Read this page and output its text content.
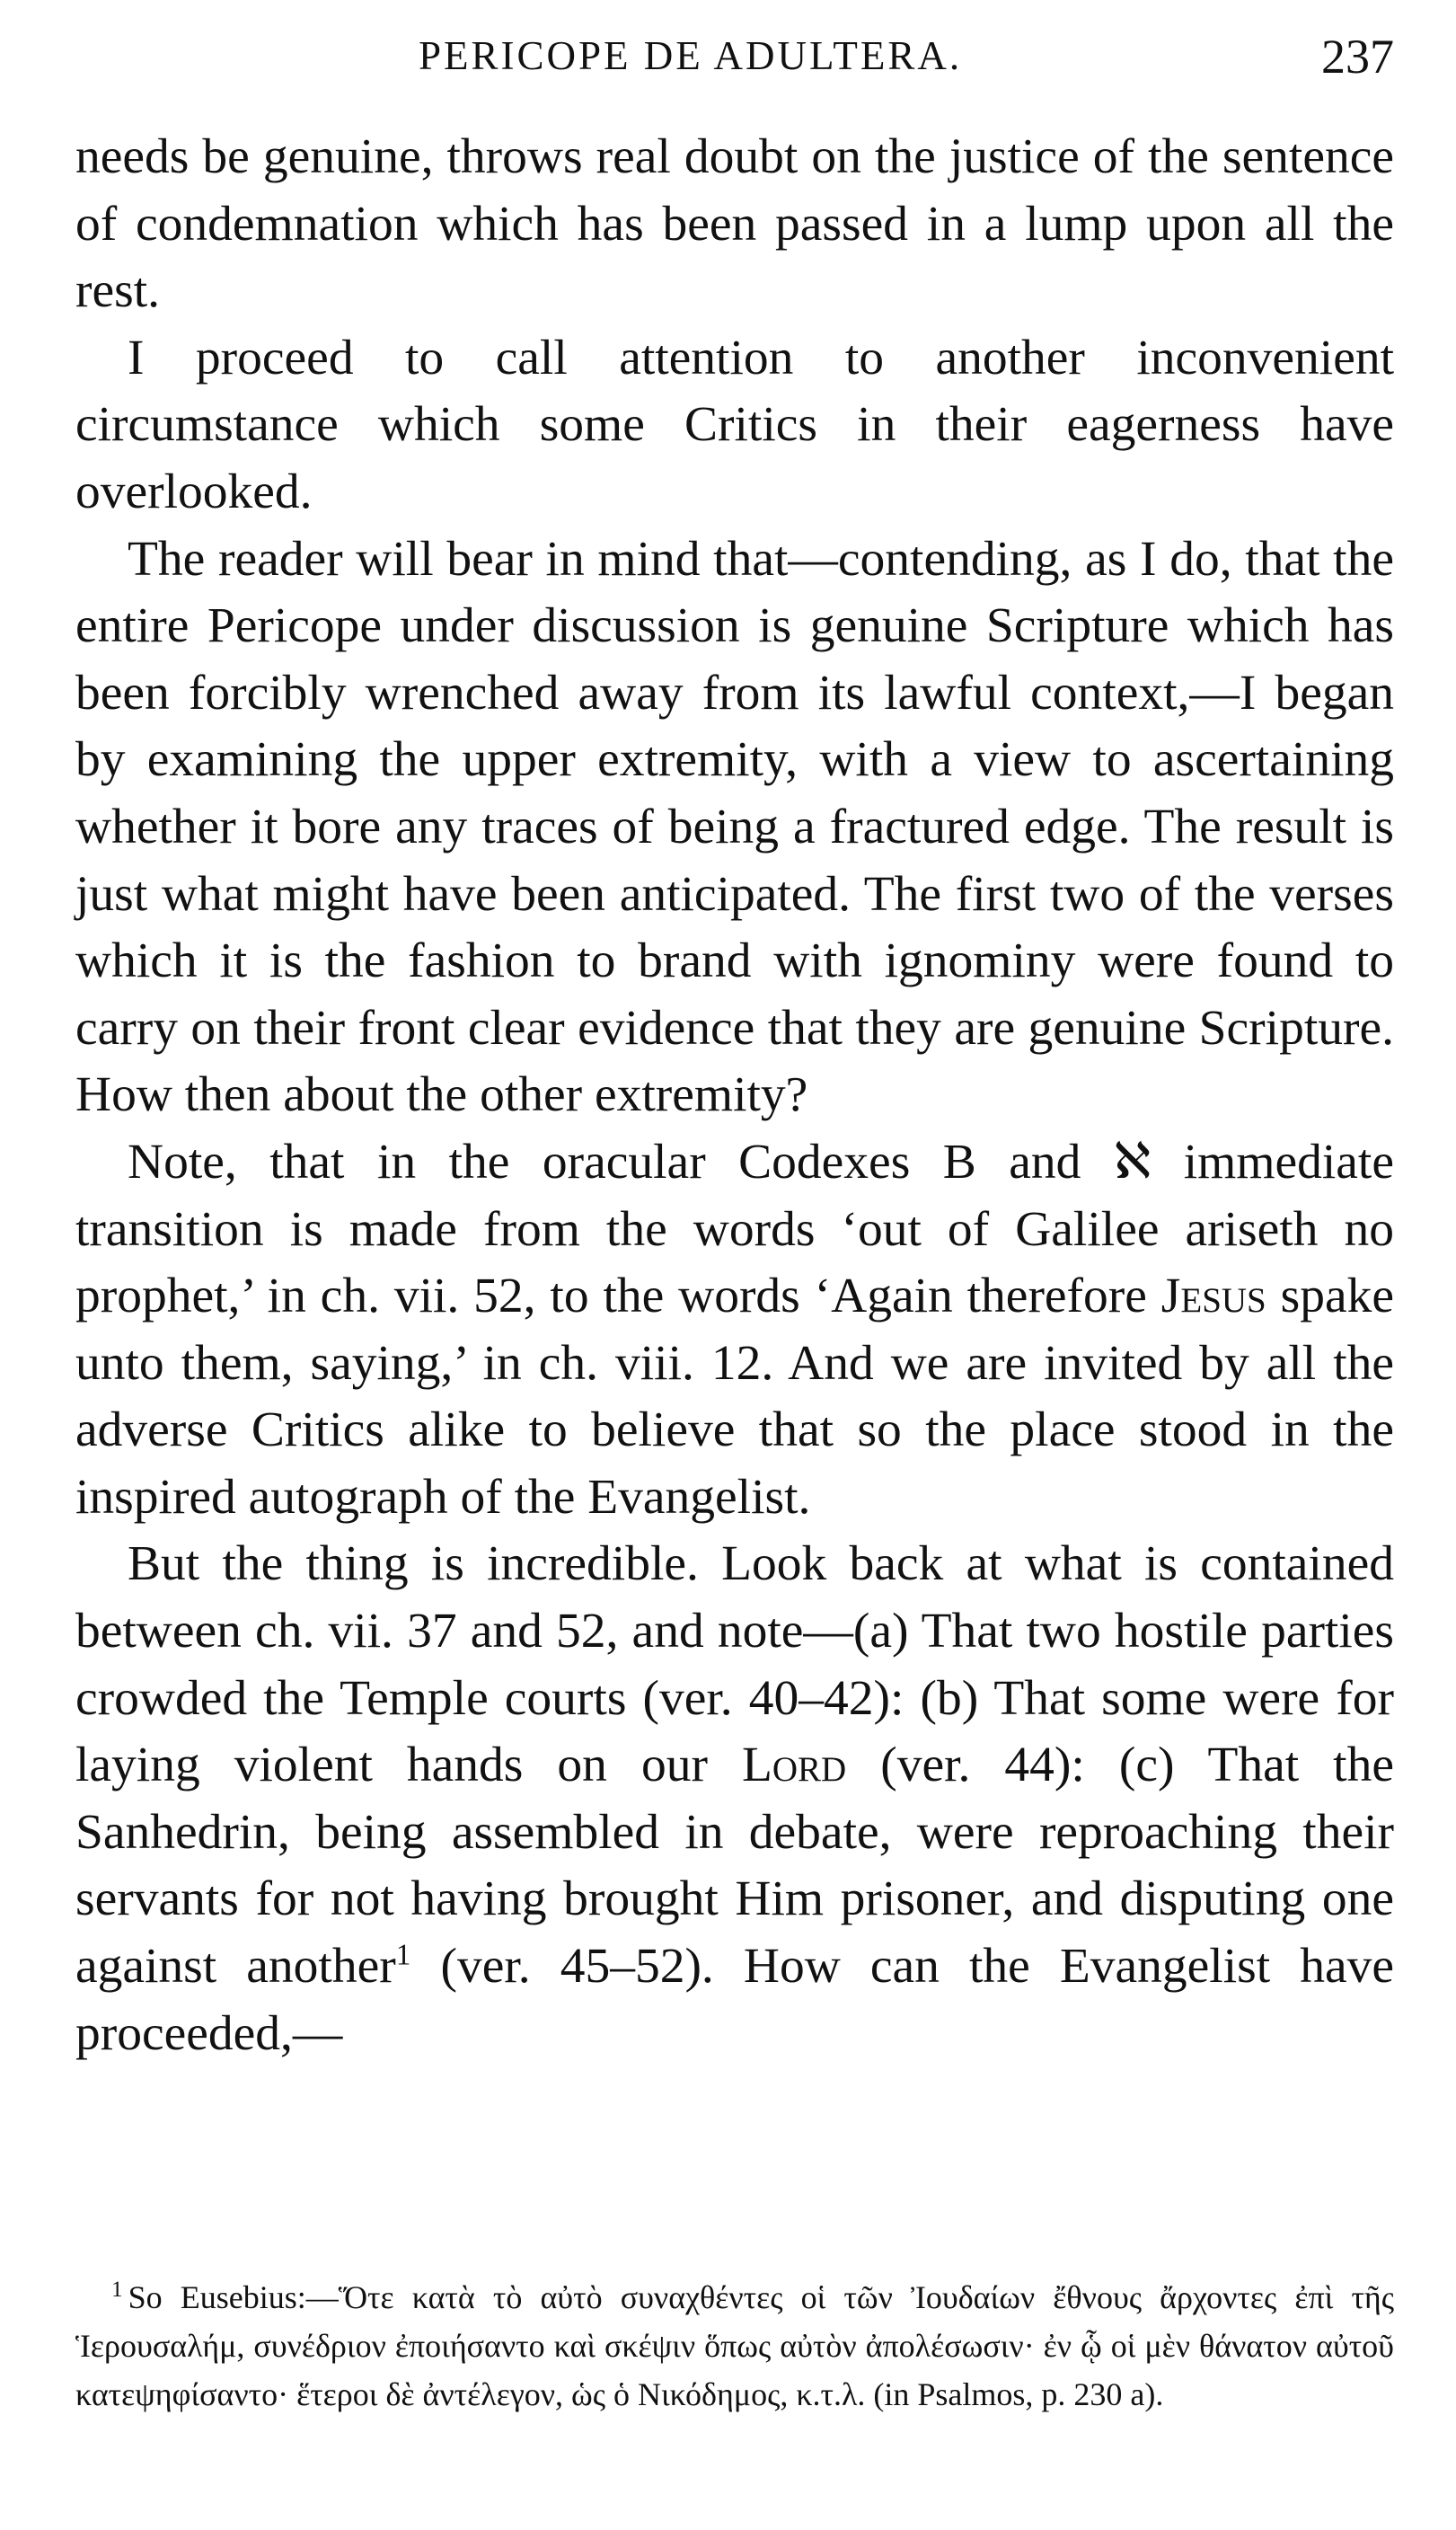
PERICOPE DE ADULTERA.	237

needs be genuine, throws real doubt on the justice of the sentence of condemnation which has been passed in a lump upon all the rest.

I proceed to call attention to another inconvenient circumstance which some Critics in their eagerness have overlooked.

The reader will bear in mind that—contending, as I do, that the entire Pericope under discussion is genuine Scripture which has been forcibly wrenched away from its lawful context,—I began by examining the upper extremity, with a view to ascertaining whether it bore any traces of being a fractured edge. The result is just what might have been anticipated. The first two of the verses which it is the fashion to brand with ignominy were found to carry on their front clear evidence that they are genuine Scripture. How then about the other extremity?

Note, that in the oracular Codexes B and ℵ immediate transition is made from the words ‘out of Galilee ariseth no prophet,’ in ch. vii. 52, to the words ‘Again therefore Jesus spake unto them, saying,’ in ch. viii. 12. And we are invited by all the adverse Critics alike to believe that so the place stood in the inspired autograph of the Evangelist.

But the thing is incredible. Look back at what is contained between ch. vii. 37 and 52, and note—(a) That two hostile parties crowded the Temple courts (ver. 40–42): (b) That some were for laying violent hands on our Lord (ver. 44): (c) That the Sanhedrin, being assembled in debate, were reproaching their servants for not having brought Him prisoner, and disputing one against another$^1$ (ver. 45–52). How can the Evangelist have proceeded,—

$^1$ So Eusebius:—Ὅτε κατὰ τὸ αὐτὸ συναχθέντες οἱ τῶν Ἰουδαίων ἔθνους ἄρχοντες ἐπὶ τῆς Ἱερουσαλήμ, συνέδριον ἐποιήσαντο καὶ σκέψιν ὅπως αὐτὸν ἀπολέσωσιν· ἐν ᾧ οἱ μὲν θάνατον αὐτοῦ κατεψηφίσαντο· ἕτεροι δὲ ἀντέλεγον, ὡς ὁ Νικόδημος, κ.τ.λ. (in Psalmos, p. 230 a).
